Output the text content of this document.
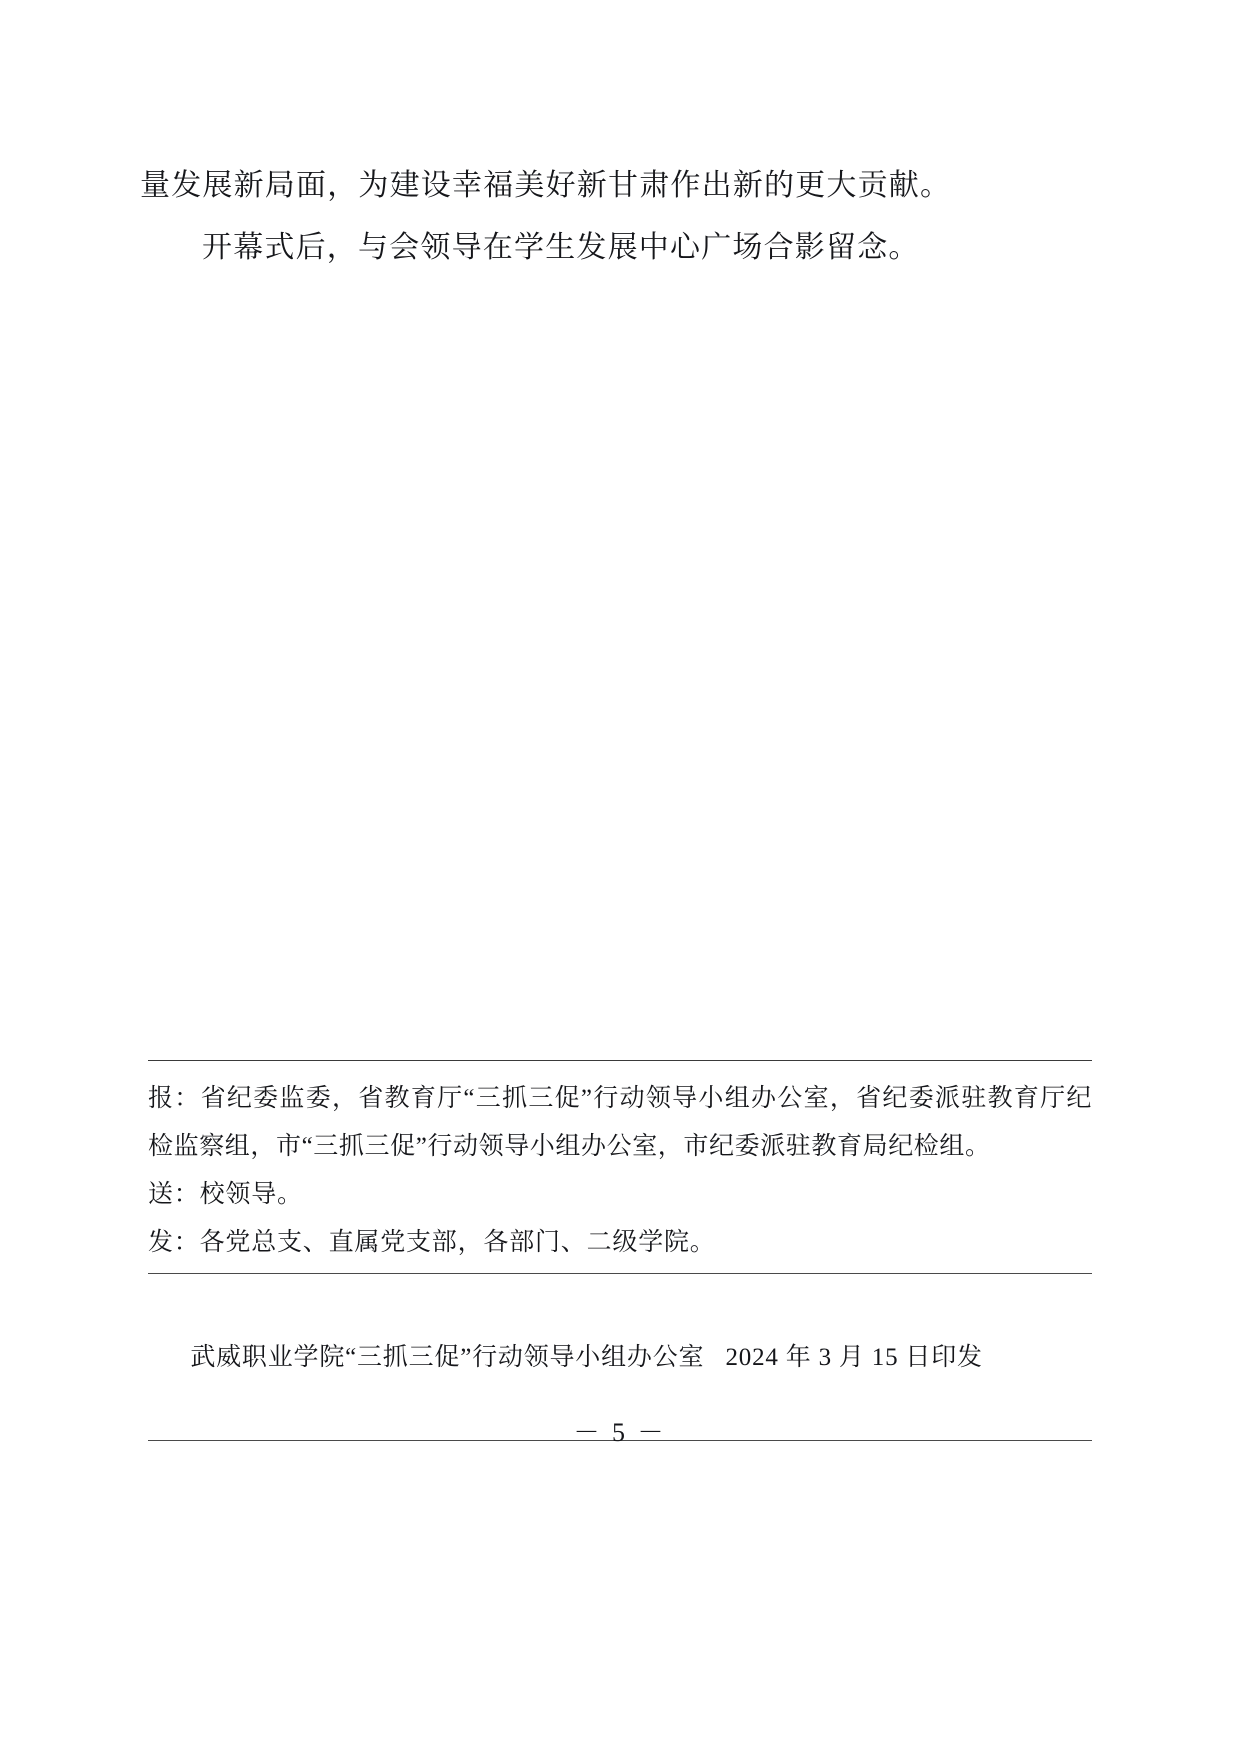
量发展新局面，为建设幸福美好新甘肃作出新的更大贡献。
开幕式后，与会领导在学生发展中心广场合影留念。
报：省纪委监委，省教育厅“三抓三促”行动领导小组办公室，省纪委派驻教育厅纪检监察组，市“三抓三促”行动领导小组办公室，市纪委派驻教育局纪检组。
送：校领导。
发：各党总支、直属党支部，各部门、二级学院。

武威职业学院“三抓三促”行动领导小组办公室 2024 年 3 月 15 日印发

－ 5 －
